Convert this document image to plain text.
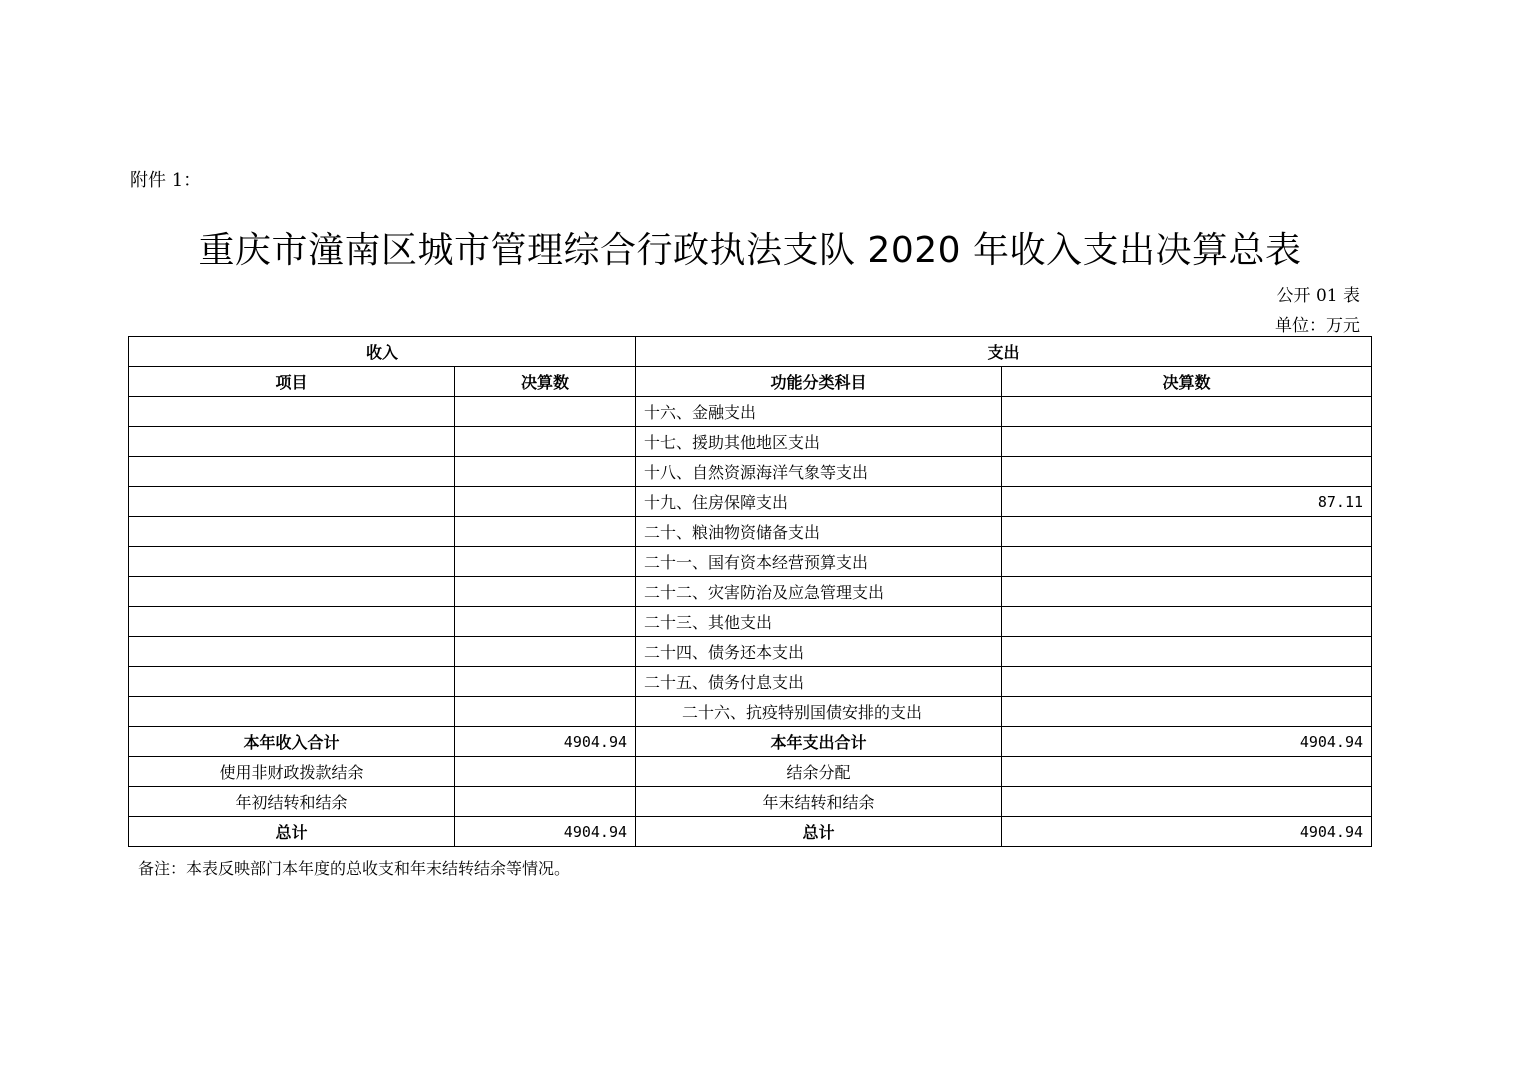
附件 1：
重庆市潼南区城市管理综合行政执法支队 2020 年收入支出决算总表
公开 01 表
单位：万元
收入		支出	
项目	决算数	功能分类科目	决算数
		十六、金融支出	
		十七、援助其他地区支出	
		十八、自然资源海洋气象等支出	
		十九、住房保障支出	87.11
		二十、粮油物资储备支出	
		二十一、国有资本经营预算支出	
		二十二、灾害防治及应急管理支出	
		二十三、其他支出	
		二十四、债务还本支出	
		二十五、债务付息支出	
		二十六、抗疫特别国债安排的支出	
本年收入合计	4904.94	本年支出合计	4904.94
使用非财政拨款结余		结余分配	
年初结转和结余		年末结转和结余	
总计	4904.94	总计	4904.94
备注：本表反映部门本年度的总收支和年末结转结余等情况。
